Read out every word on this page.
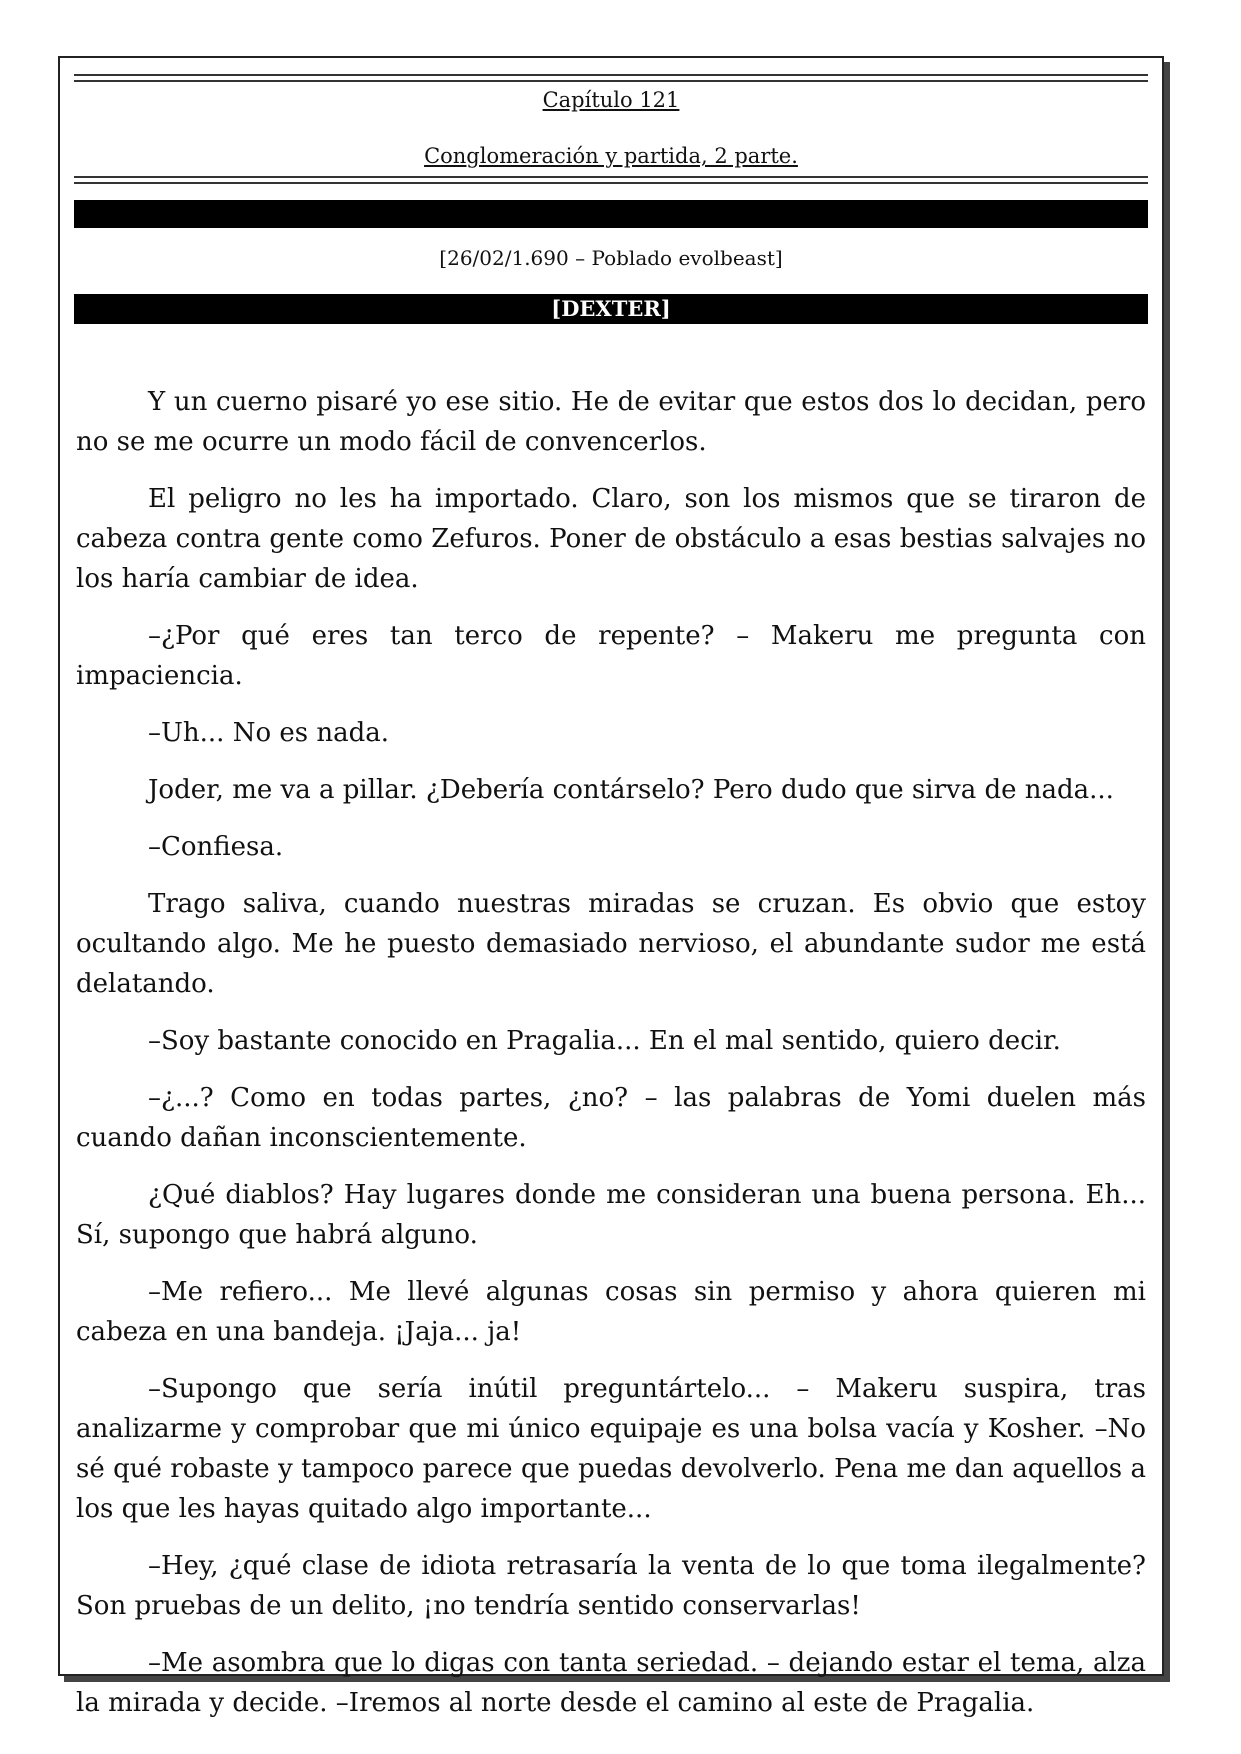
Capítulo 121
Conglomeración y partida, 2 parte.
[26/02/1.690 – Poblado evolbeast]
[DEXTER]

Y un cuerno pisaré yo ese sitio. He de evitar que estos dos lo decidan, pero no se me ocurre un modo fácil de convencerlos.

El peligro no les ha importado. Claro, son los mismos que se tiraron de cabeza contra gente como Zefuros. Poner de obstáculo a esas bestias salvajes no los haría cambiar de idea.

–¿Por qué eres tan terco de repente? – Makeru me pregunta con impaciencia.

–Uh... No es nada.

Joder, me va a pillar. ¿Debería contárselo? Pero dudo que sirva de nada...

–Confiesa.

Trago saliva, cuando nuestras miradas se cruzan. Es obvio que estoy ocultando algo. Me he puesto demasiado nervioso, el abundante sudor me está delatando.

–Soy bastante conocido en Pragalia... En el mal sentido, quiero decir.

–¿...? Como en todas partes, ¿no? – las palabras de Yomi duelen más cuando dañan inconscientemente.

¿Qué diablos? Hay lugares donde me consideran una buena persona. Eh... Sí, supongo que habrá alguno.

–Me refiero... Me llevé algunas cosas sin permiso y ahora quieren mi cabeza en una bandeja. ¡Jaja... ja!

–Supongo que sería inútil preguntártelo... – Makeru suspira, tras analizarme y comprobar que mi único equipaje es una bolsa vacía y Kosher. –No sé qué robaste y tampoco parece que puedas devolverlo. Pena me dan aquellos a los que les hayas quitado algo importante...

–Hey, ¿qué clase de idiota retrasaría la venta de lo que toma ilegalmente? Son pruebas de un delito, ¡no tendría sentido conservarlas!

–Me asombra que lo digas con tanta seriedad. – dejando estar el tema, alza la mirada y decide. –Iremos al norte desde el camino al este de Pragalia.
